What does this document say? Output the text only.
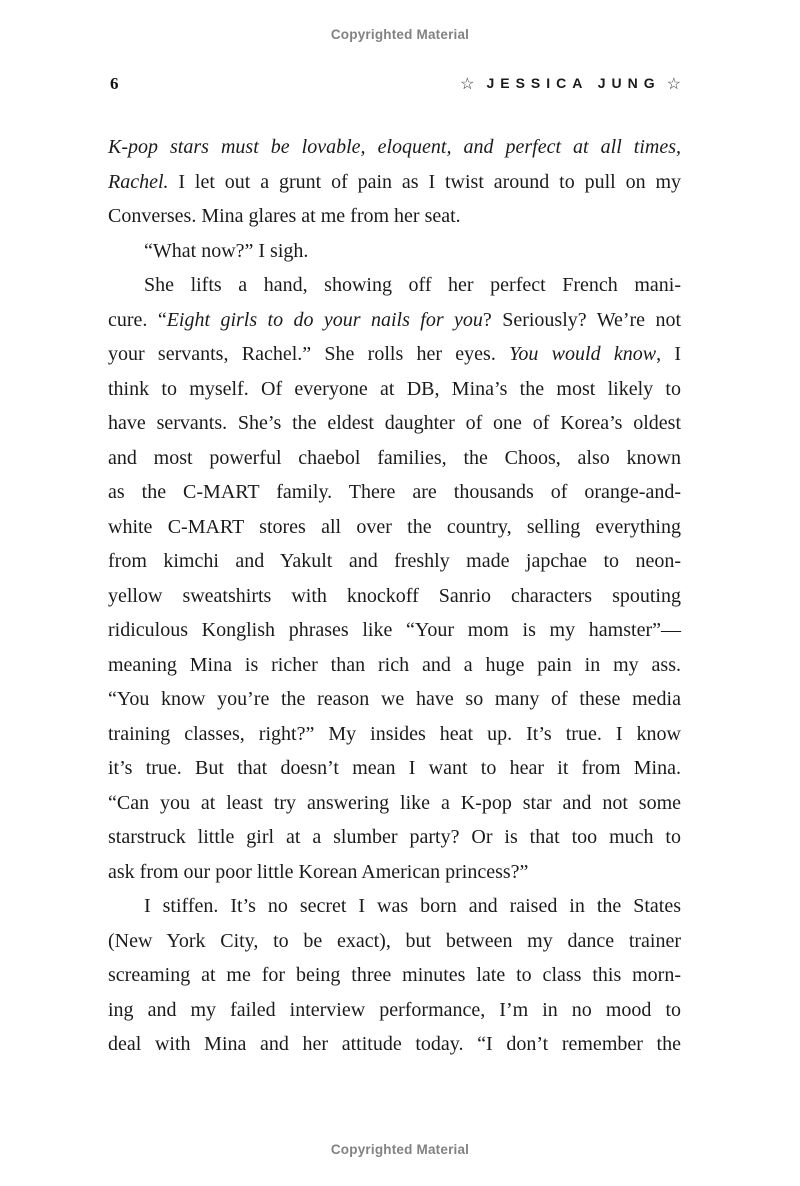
Copyrighted Material
6	☆ JESSICA JUNG ☆
K-pop stars must be lovable, eloquent, and perfect at all times,
Rachel. I let out a grunt of pain as I twist around to pull on my
Converses. Mina glares at me from her seat.
“What now?” I sigh.
She lifts a hand, showing off her perfect French mani-
cure. “Eight girls to do your nails for you? Seriously? We’re not
your servants, Rachel.” She rolls her eyes. You would know, I
think to myself. Of everyone at DB, Mina’s the most likely to
have servants. She’s the eldest daughter of one of Korea’s oldest
and most powerful chaebol families, the Choos, also known
as the C-MART family. There are thousands of orange-and-
white C-MART stores all over the country, selling everything
from kimchi and Yakult and freshly made japchae to neon-
yellow sweatshirts with knockoff Sanrio characters spouting
ridiculous Konglish phrases like “Your mom is my hamster”—
meaning Mina is richer than rich and a huge pain in my ass.
“You know you’re the reason we have so many of these media
training classes, right?” My insides heat up. It’s true. I know
it’s true. But that doesn’t mean I want to hear it from Mina.
“Can you at least try answering like a K-pop star and not some
starstruck little girl at a slumber party? Or is that too much to
ask from our poor little Korean American princess?”
I stiffen. It’s no secret I was born and raised in the States
(New York City, to be exact), but between my dance trainer
screaming at me for being three minutes late to class this morn-
ing and my failed interview performance, I’m in no mood to
deal with Mina and her attitude today. “I don’t remember the
Copyrighted Material
